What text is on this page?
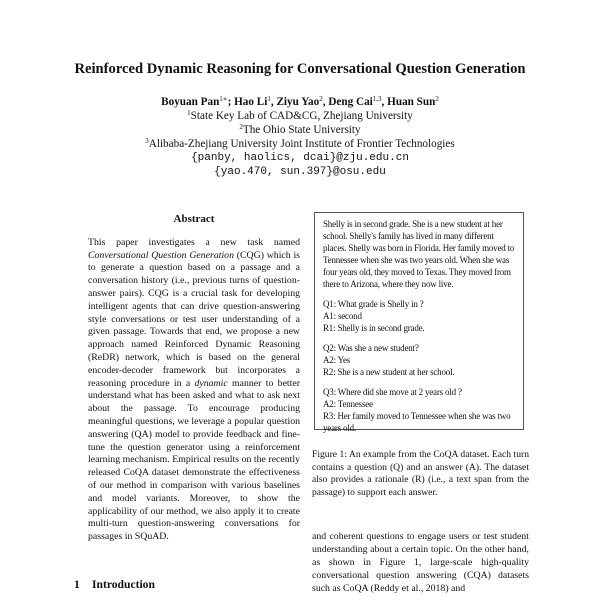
Reinforced Dynamic Reasoning for Conversational Question Generation
Boyuan Pan$^{1∗}$; Hao Li$^1$, Ziyu Yao$^2$, Deng Cai$^{1,3}$, Huan Sun$^2$
$^1$State Key Lab of CAD&CG, Zhejiang University
$^2$The Ohio State University
$^3$Alibaba-Zhejiang University Joint Institute of Frontier Technologies
{panby, haolics, dcai}@zju.edu.cn
{yao.470, sun.397}@osu.edu
Abstract

This paper investigates a new task named Conversational Question Generation (CQG) which is to generate a question based on a passage and a conversation history (i.e., previous turns of question-answer pairs). CQG is a crucial task for developing intelligent agents that can drive question-answering style conversations or test user understanding of a given passage. Towards that end, we propose a new approach named Reinforced Dynamic Reasoning (ReDR) network, which is based on the general encoder-decoder framework but incorporates a reasoning procedure in a dynamic manner to better understand what has been asked and what to ask next about the passage. To encourage producing meaningful questions, we leverage a popular question answering (QA) model to provide feedback and fine-tune the question generator using a reinforcement learning mechanism. Empirical results on the recently released CoQA dataset demonstrate the effectiveness of our method in comparison with various baselines and model variants. Moreover, to show the applicability of our method, we also apply it to create multi-turn question-answering conversations for passages in SQuAD.

1 Introduction

Shelly is in second grade. She is a new student at her school. Shelly's family has lived in many different places. Shelly was born in Florida. Her family moved to Tennessee when she was two years old. When she was four years old, they moved to Texas. They moved from there to Arizona, where they now live.

Q1: What grade is Shelly in ?

A1: second

R1: Shelly is in second grade.

Q2: Was she a new student?

A2: Yes

R2: She is a new student at her school.

Q3: Where did she move at 2 years old ?

A2: Tennessee

R3: Her family moved to Tennessee when she was two years old.

Figure 1: An example from the CoQA dataset. Each turn contains a question (Q) and an answer (A). The dataset also provides a rationale (R) (i.e., a text span from the passage) to support each answer.
and coherent questions to engage users or test student understanding about a certain topic. On the other hand, as shown in Figure 1, large-scale high-quality conversational question answering (CQA) datasets such as CoQA (Reddy et al., 2018) and
